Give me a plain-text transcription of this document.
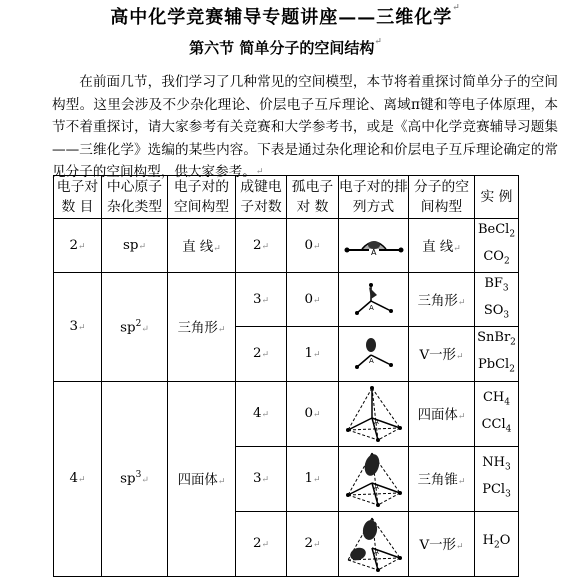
高中化学竞赛辅导专题讲座——三维化学↵
第六节 简单分子的空间结构↵
在前面几节，我们学习了几种常见的空间模型，本节将着重探讨简单分子的空间构型。这里会涉及不少杂化理论、价层电子互斥理论、离域π键和等电子体原理，本节不着重探讨，请大家参考有关竞赛和大学参考书，或是《高中化学竞赛辅导习题集——三维化学》选编的某些内容。下表是通过杂化理论和价层电子互斥理论确定的常见分子的空间构型，供大家参考。↵
电子对数 目	中心原子杂化类型	电子对的空间构型	成键电子对数	孤电子对 数	电子对的排列方式	分子的空间构型	实 例
2↵	sp↵	直 线↵	2↵	0↵	A	直 线↵	BeCl$_2$
$CO_2$

3↵	$sp^2↵$	三角形↵	3↵	0↵	A	三角形↵	$BF_3$
$SO_3$

			2↵	1↵	A	V一形↵	SnBr$_2$
PbCl$_2$

4↵	$sp^3↵$	四面体↵	4↵	0↵	A	四面体↵	$CH_4$
CCl$_4$

			3↵	1↵	A	三角锥↵	$NH_3$
PCl$_3$

			2↵	2↵	A	V一形↵	$H_2O$
